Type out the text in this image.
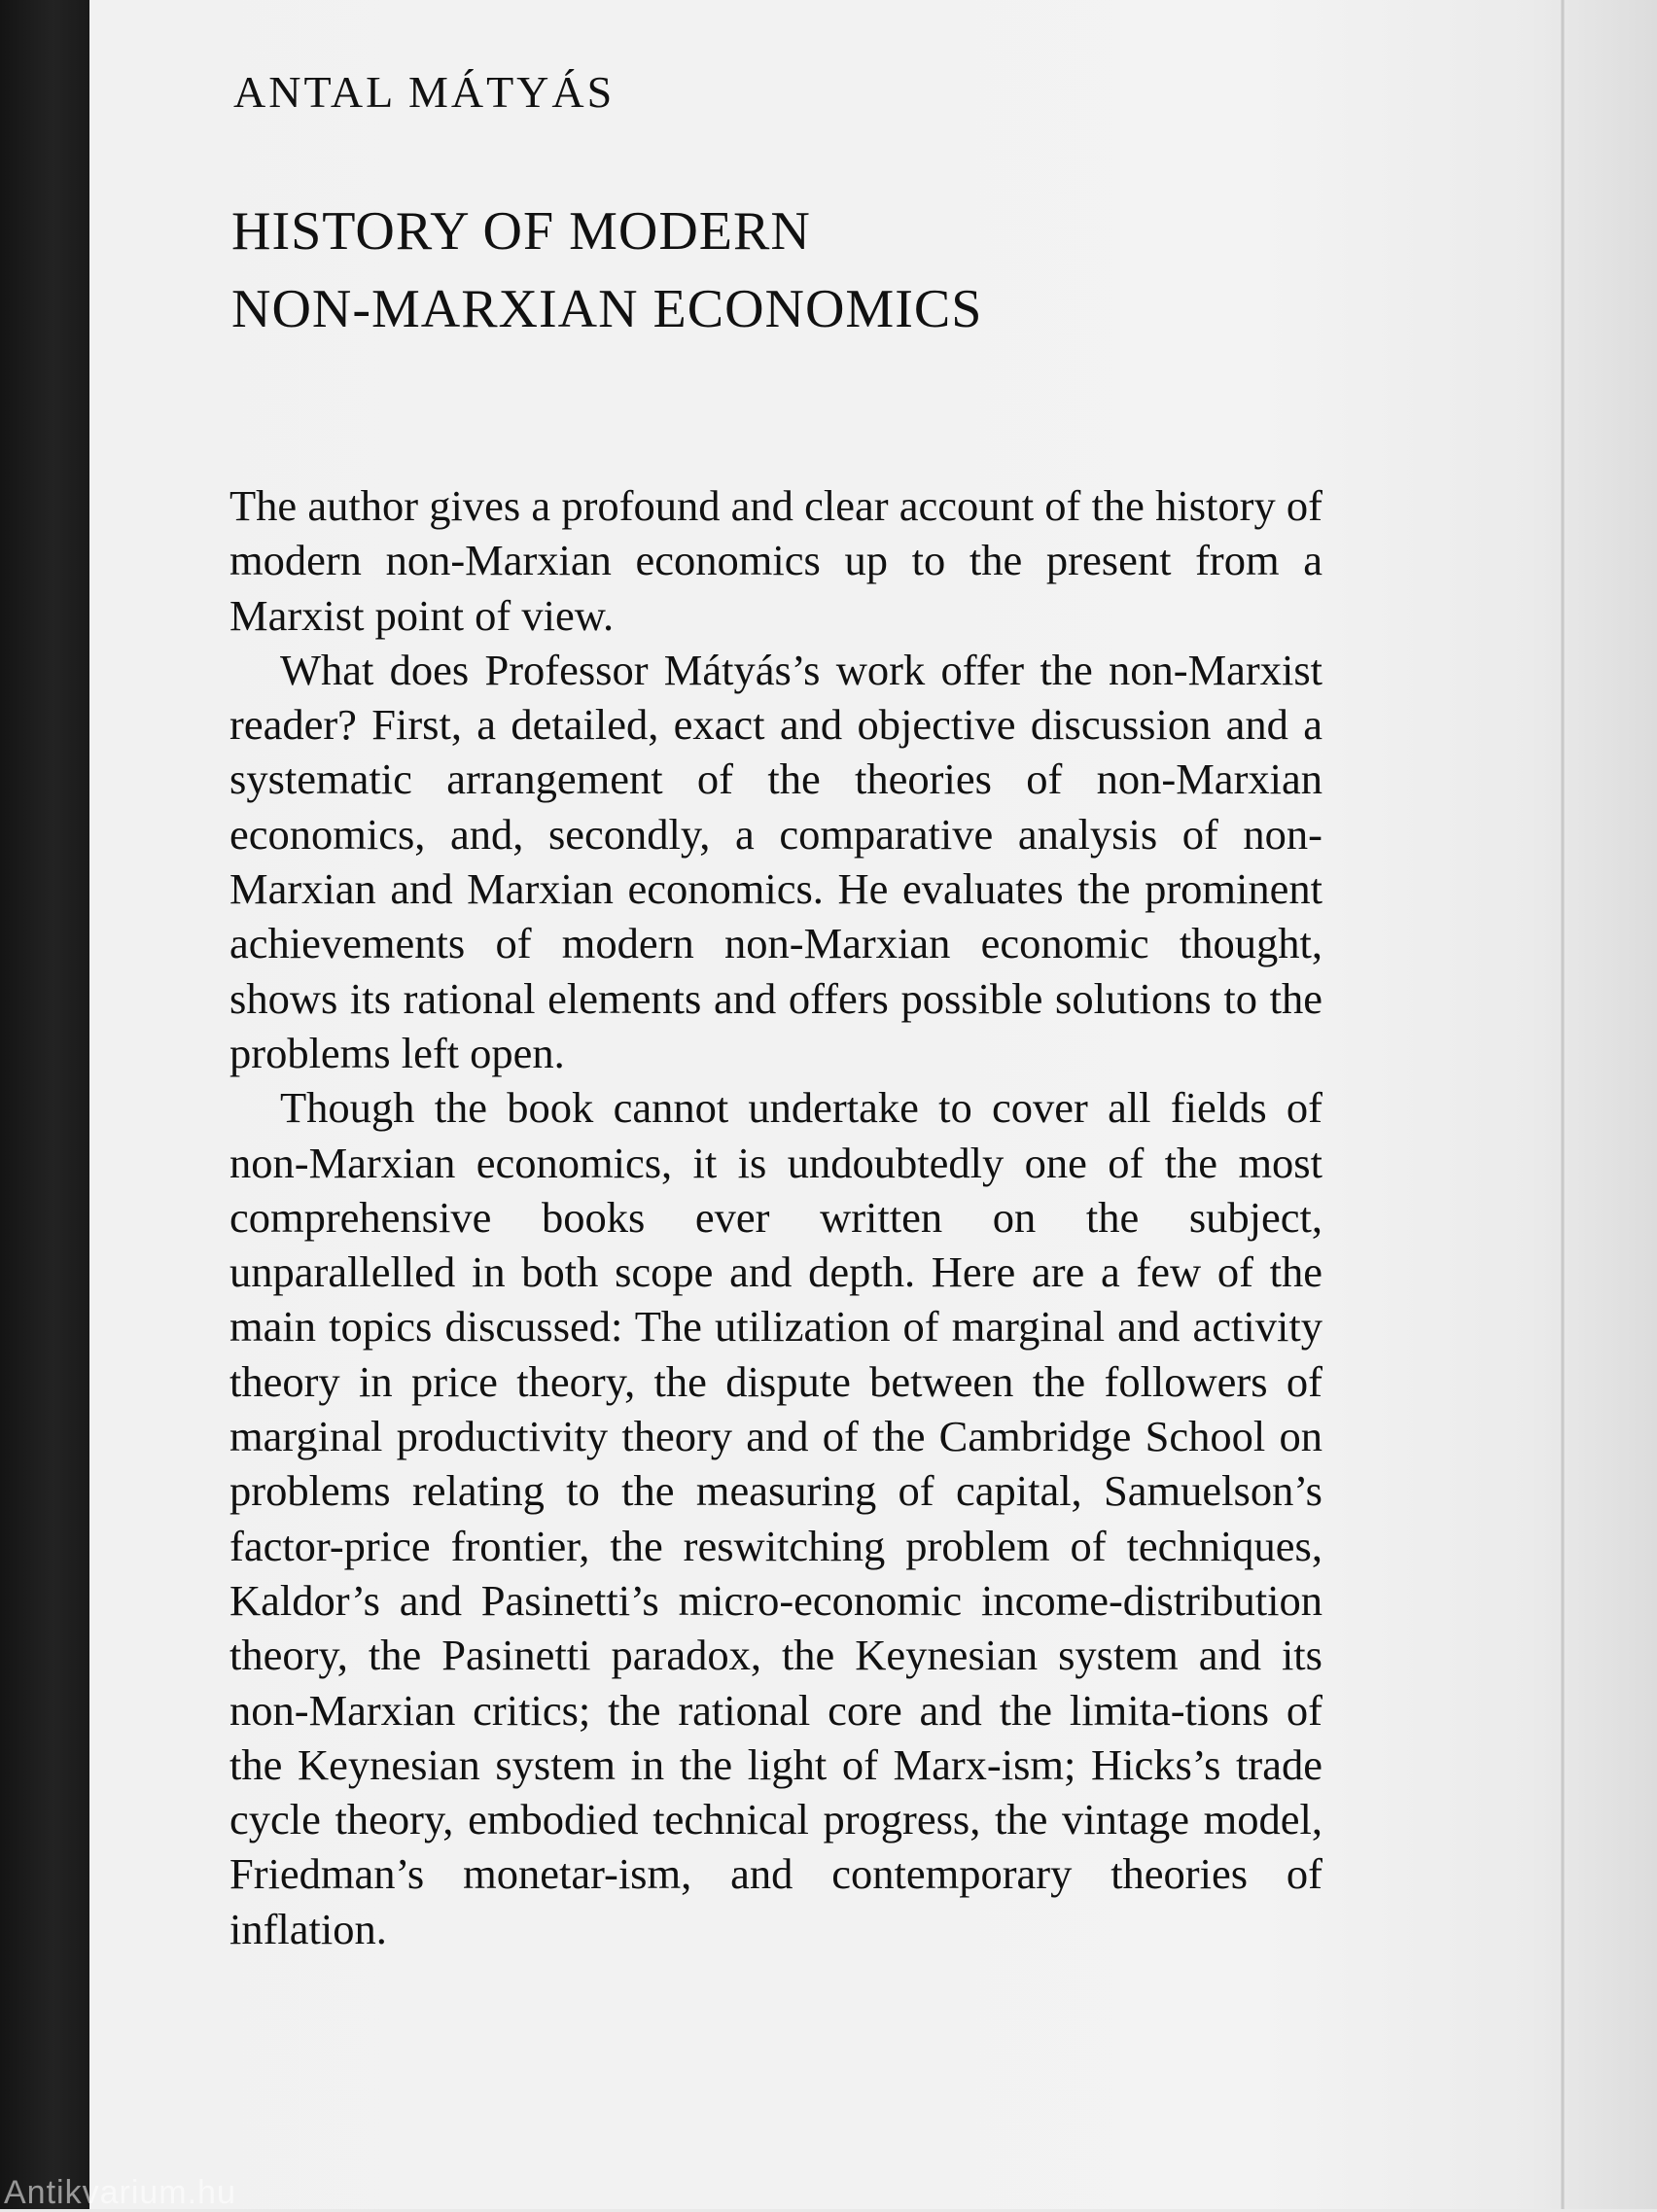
ANTAL MÁTYÁS
HISTORY OF MODERN
NON-MARXIAN ECONOMICS

The author gives a profound and clear account of the history of modern non-Marxian economics up to the present from a Marxist point of view.

What does Professor Mátyás’s work offer the non-Marxist reader? First, a detailed, exact and objective discussion and a systematic arrangement of the theories of non-Marxian economics, and, secondly, a comparative analysis of non-Marxian and Marxian economics. He evaluates the prominent achievements of modern non-Marxian economic thought, shows its rational elements and offers possible solutions to the problems left open.

Though the book cannot undertake to cover all fields of non-Marxian economics, it is undoubtedly one of the most comprehensive books ever written on the subject, unparallelled in both scope and depth. Here are a few of the main topics discussed: The utilization of marginal and activity theory in price theory, the dispute between the followers of marginal productivity theory and of the Cambridge School on problems relating to the measuring of capital, Samuelson’s factor-price frontier, the reswitching problem of techniques, Kaldor’s and Pasinetti’s micro-economic income-distribution theory, the Pasinetti paradox, the Keynesian system and its non-Marxian critics; the rational core and the limita-tions of the Keynesian system in the light of Marx-ism; Hicks’s trade cycle theory, embodied technical progress, the vintage model, Friedman’s monetar-ism, and contemporary theories of inflation.

Antikvarium.hu
